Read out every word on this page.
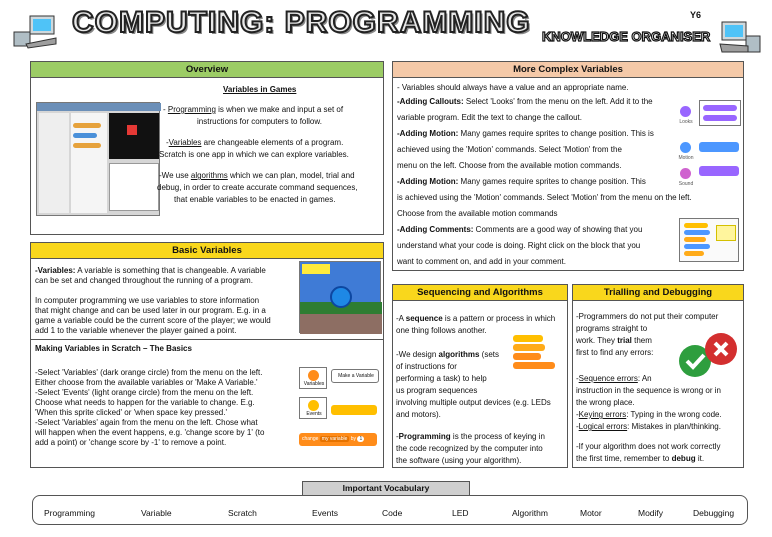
COMPUTING: PROGRAMMING KNOWLEDGE ORGANISER
Y6
Overview
Variables in Games
- Programming is when we make and input a set of
instructions for computers to follow.
-Variables are changeable elements of a program.
Scratch is one app in which we can explore variables.
-We use algorithms which we can plan, model, trial and
debug, in order to create accurate command sequences,
that enable variables to be enacted in games.
Basic Variables
-Variables: A variable is something that is changeable. A variable
can be set and changed throughout the running of a program.
In computer programming we use variables to store information
that might change and can be used later in our program. E.g. in a
game a variable could be the current score of the player; we would
add 1 to the variable whenever the player gained a point.
Making Variables in Scratch – The Basics
-Select 'Variables' (dark orange circle) from the menu on the left.
Either choose from the available variables or 'Make A Variable.'
-Select 'Events' (light orange circle) from the menu on the left.
Choose what needs to happen for the variable to change. E.g.
'When this sprite clicked' or 'when space key pressed.'
-Select 'Variables' again from the menu on the left. Chose what
will happen when the event happens, e.g. 'change score by 1' (to
add a point) or 'change score by -1' to remove a point.
Variables
Make a Variable
Events
change my variable by 1
More Complex Variables
- Variables should always have a value and an appropriate name.
-Adding Callouts: Select 'Looks' from the menu on the left. Add it to the
variable program. Edit the text to change the callout.
-Adding Motion: Many games require sprites to change position. This is
achieved using the 'Motion' commands. Select 'Motion' from the
menu on the left. Choose from the available motion commands.
-Adding Motion: Many games require sprites to change position. This
is achieved using the 'Motion' commands. Select 'Motion' from the menu on the left.
Choose from the available motion commands
-Adding Comments: Comments are a good way of showing that you
understand what your code is doing. Right click on the block that you
want to comment on, and add in your comment.
Looks
Motion
Sound
Sequencing and Algorithms
-A sequence is a pattern or process in which
one thing follows another.
-We design algorithms (sets
of instructions for
performing a task) to help
us program sequences
involving multiple output devices (e.g. LEDs
and motors).
-Programming is the process of keying in
the code recognized by the computer into
the software (using your algorithm).
Trialling and Debugging
-Programmers do not put their computer
programs straight to
work. They trial them
first to find any errors:
-Sequence errors: An
instruction in the sequence is wrong or in
the wrong place.
-Keying errors: Typing in the wrong code.
-Logical errors: Mistakes in plan/thinking.
-If your algorithm does not work correctly
the first time, remember to debug it.
Important Vocabulary
Programming	Variable	Scratch	Events	Code	LED	Algorithm	Motor	Modify	Debugging
